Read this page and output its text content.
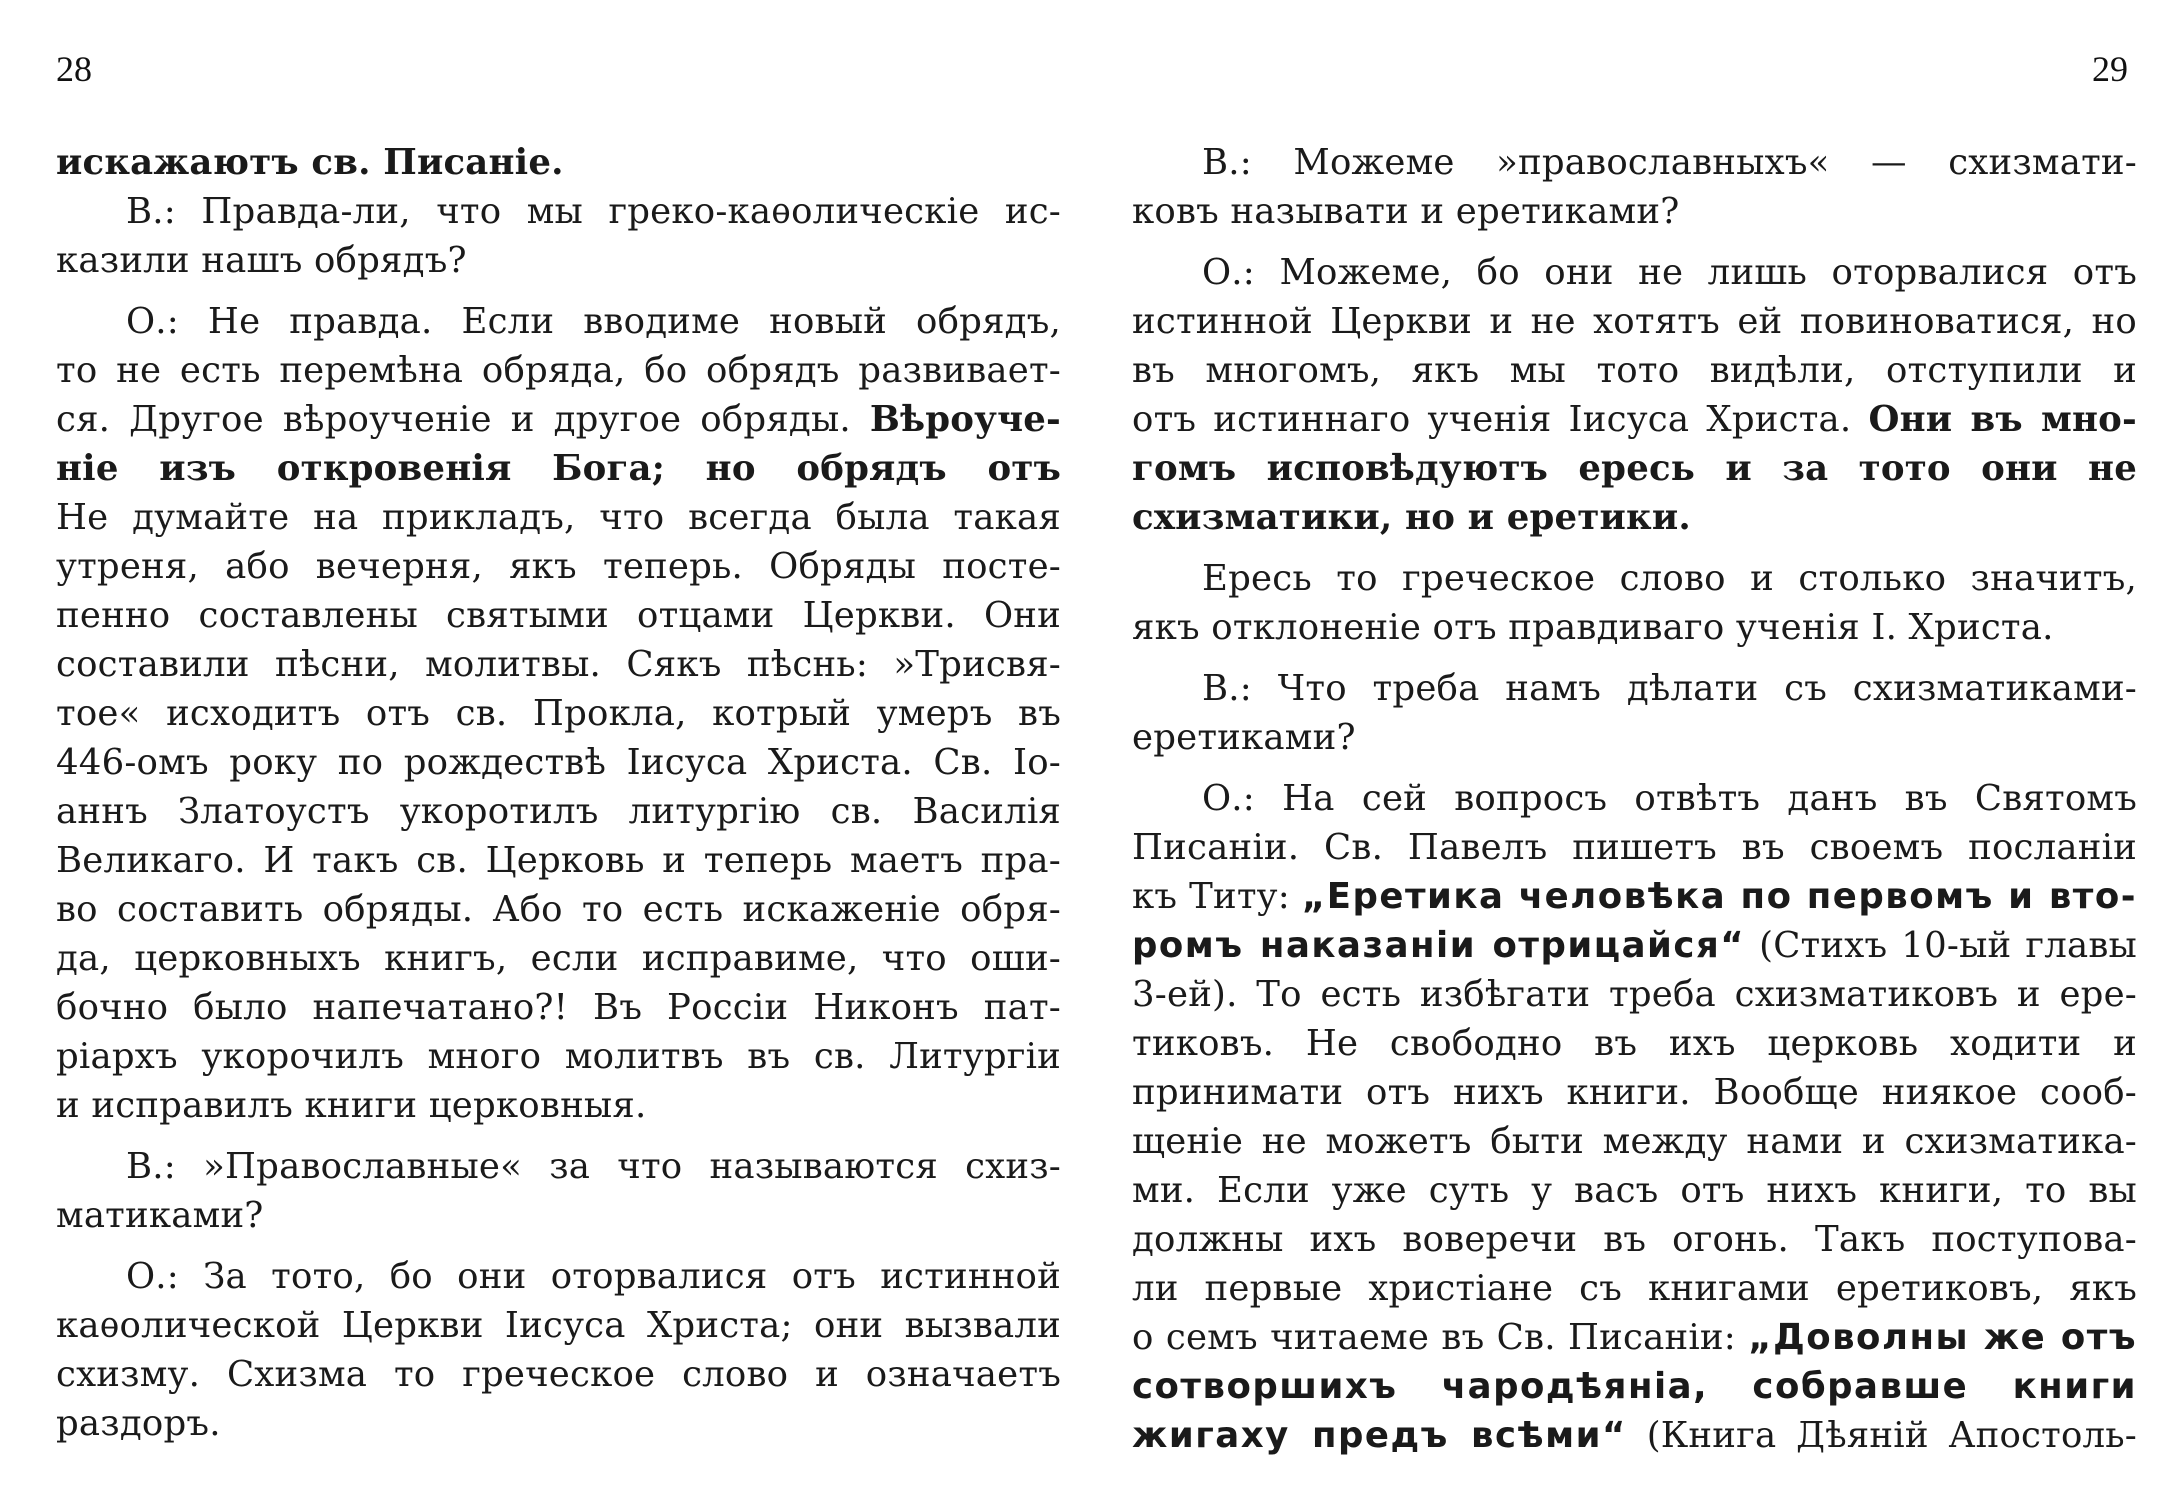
28
искажаютъ св. Писаніе.
В.: Правда-ли, что мы греко-каѳолическіе ис-
казили нашъ обрядъ?
О.: Не правда. Если вводиме новый обрядъ,
то не есть перемѣна обряда, бо обрядъ развивает-
ся. Другое вѣроученіе и другое обряды. Вѣроуче-
ніе изъ откровенія Бога; но обрядъ отъ
Не думайте на прикладъ, что всегда была такая
утреня, або вечерня, якъ теперь. Обряды посте-
пенно составлены святыми отцами Церкви. Они
составили пѣсни, молитвы. Сякъ пѣснь: »Трисвя-
тое« исходитъ отъ св. Прокла, котрый умеръ въ
446-омъ року по рождествѣ Іисуса Христа. Св. Іо-
аннъ Златоустъ укоротилъ литургію св. Василія
Великаго. И такъ св. Церковь и теперь маетъ пра-
во составить обряды. Або то есть искаженіе обря-
да, церковныхъ книгъ, если исправиме, что оши-
бочно было напечатано?! Въ Россіи Никонъ пат-
ріархъ укорочилъ много молитвъ въ св. Литургіи
и исправилъ книги церковныя.
В.: »Православные« за что называются схиз-
матиками?
О.: За тото, бо они оторвалися отъ истинной
каѳолической Церкви Іисуса Христа; они вызвали
схизму. Схизма то греческое слово и означаетъ
раздоръ.
29
В.: Можеме »православныхъ« — схизмати-
ковъ называти и еретиками?
О.: Можеме, бо они не лишь оторвалися отъ
истинной Церкви и не хотятъ ей повиноватися, но
въ многомъ, якъ мы тото видѣли, отступили и
отъ истиннаго ученія Іисуса Христа. Они въ мно-
гомъ исповѣдуютъ ересь и за тото они не
схизматики, но и еретики.
Ересь то греческое слово и столько значитъ,
якъ отклоненіе отъ правдиваго ученія І. Христа.
В.: Что треба намъ дѣлати съ схизматиками-
еретиками?
О.: На сей вопросъ отвѣтъ данъ въ Святомъ
Писаніи. Св. Павелъ пишетъ въ своемъ посланіи
къ Титу: „Еретика человѣка по первомъ и вто-
ромъ наказаніи отрицайся“ (Стихъ 10-ый главы
3-ей). То есть избѣгати треба схизматиковъ и ере-
тиковъ. Не свободно въ ихъ церковь ходити и
принимати отъ нихъ книги. Вообще ниякое сооб-
щеніе не можетъ быти между нами и схизматика-
ми. Если уже суть у васъ отъ нихъ книги, то вы
должны ихъ воверечи въ огонь. Такъ поступова-
ли первые христіане съ книгами еретиковъ, якъ
о семъ читаеме въ Св. Писаніи: „Доволны же отъ
сотворшихъ чародѣяніа, собравше книги
жигаху предъ всѣми“ (Книга Дѣяній Апостоль-
